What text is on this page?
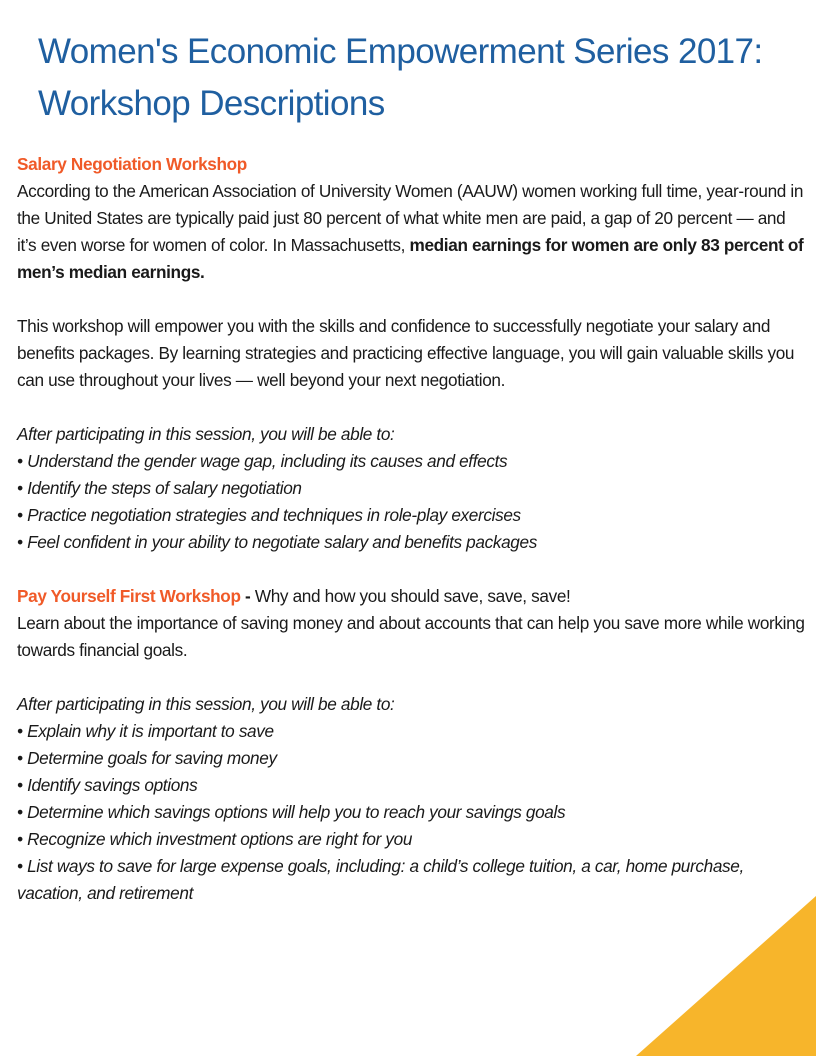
Women's Economic Empowerment Series 2017: Workshop Descriptions
Salary Negotiation Workshop

According to the American Association of University Women (AAUW) women working full time, year-round in the United States are typically paid just 80 percent of what white men are paid, a gap of 20 percent — and it’s even worse for women of color. In Massachusetts, median earnings for women are only 83 percent of men’s median earnings.

This workshop will empower you with the skills and confidence to successfully negotiate your salary and benefits packages. By learning strategies and practicing effective language, you will gain valuable skills you can use throughout your lives — well beyond your next negotiation.

After participating in this session, you will be able to:

• Understand the gender wage gap, including its causes and effects
• Identify the steps of salary negotiation
• Practice negotiation strategies and techniques in role-play exercises
• Feel confident in your ability to negotiate salary and benefits packages

Pay Yourself First Workshop - Why and how you should save, save, save!

Learn about the importance of saving money and about accounts that can help you save more while working towards financial goals.

After participating in this session, you will be able to:

• Explain why it is important to save
• Determine goals for saving money
• Identify savings options
• Determine which savings options will help you to reach your savings goals
• Recognize which investment options are right for you
• List ways to save for large expense goals, including: a child’s college tuition, a car, home purchase, vacation, and retirement
